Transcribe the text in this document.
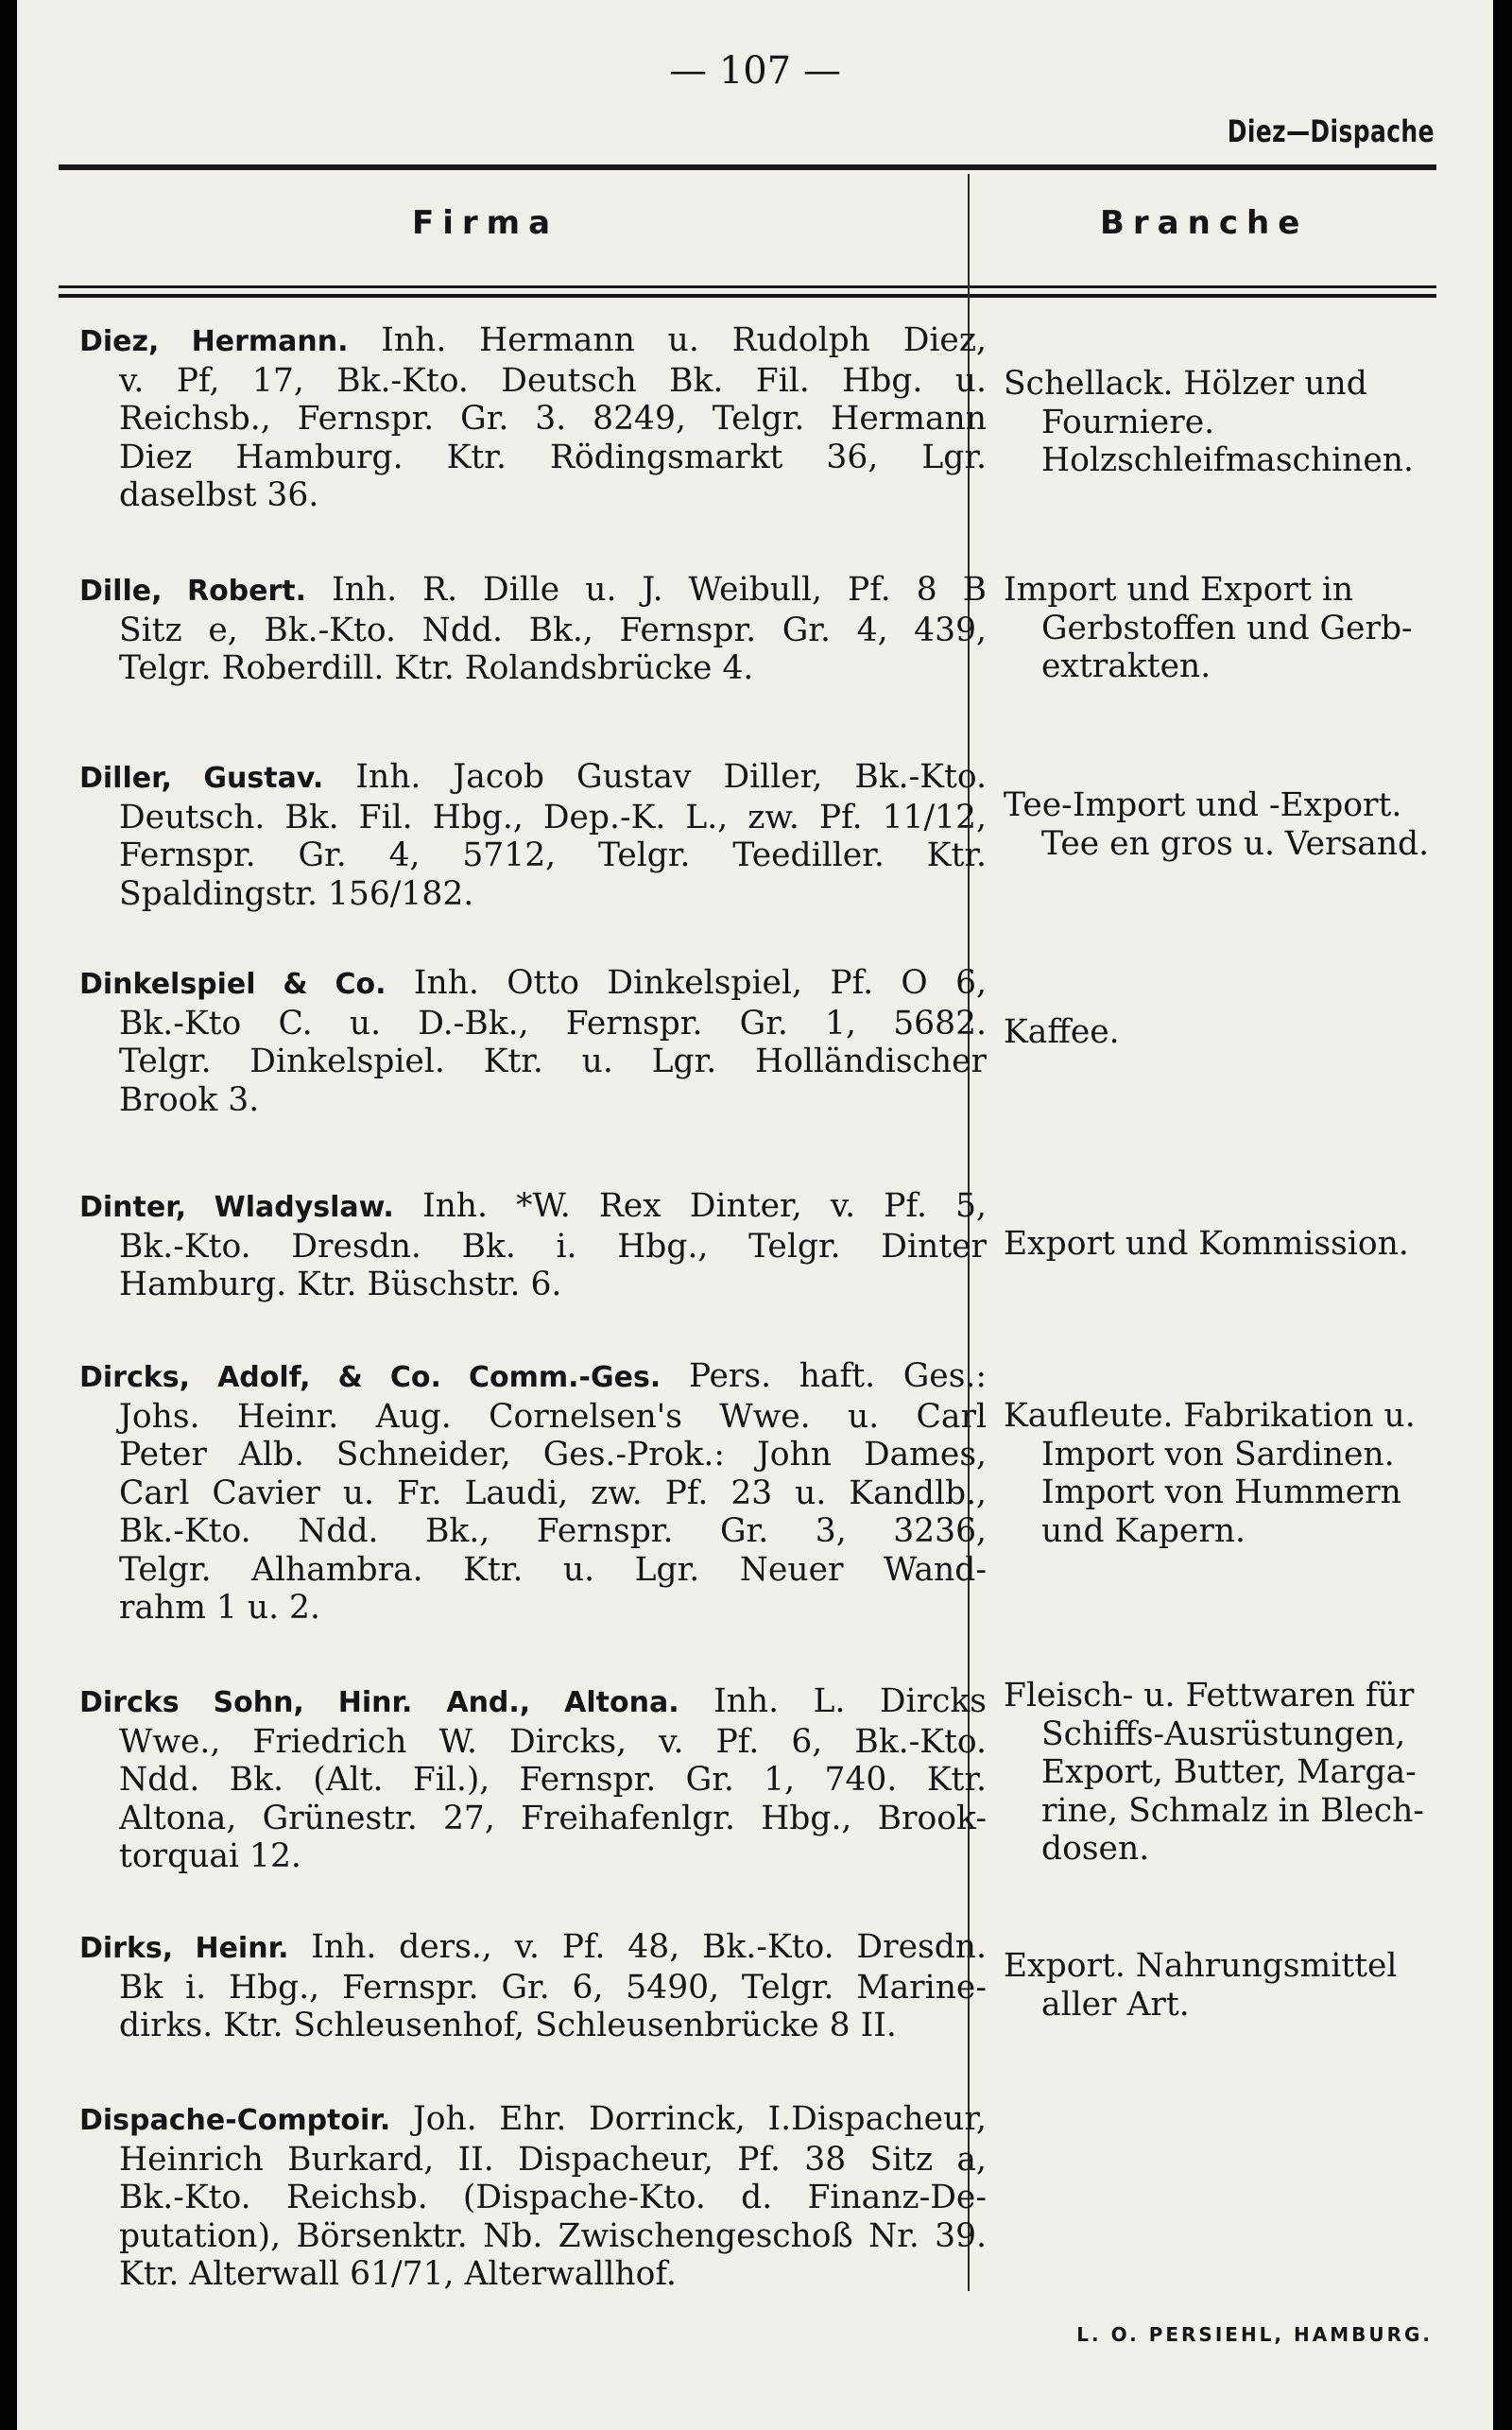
— 107 —
Diez—Dispache
Firma	Branche
Diez, Hermann. Inh. Hermann u. Rudolph Diez,
v. Pf, 17, Bk.-Kto. Deutsch Bk. Fil. Hbg. u.
Reichsb., Fernspr. Gr. 3. 8249, Telgr. Hermann
Diez Hamburg. Ktr. Rödingsmarkt 36, Lgr.
daselbst 36.
Schellack. Hölzer und
Fourniere.
Holzschleifmaschinen.
Dille, Robert. Inh. R. Dille u. J. Weibull, Pf. 8 B
Sitz e, Bk.-Kto. Ndd. Bk., Fernspr. Gr. 4, 439,
Telgr. Roberdill. Ktr. Rolandsbrücke 4.
Import und Export in
Gerbstoffen und Gerb-
extrakten.
Diller, Gustav. Inh. Jacob Gustav Diller, Bk.-Kto.
Deutsch. Bk. Fil. Hbg., Dep.-K. L., zw. Pf. 11/12,
Fernspr. Gr. 4, 5712, Telgr. Teediller. Ktr.
Spaldingstr. 156/182.
Tee-Import und -Export.
Tee en gros u. Versand.
Dinkelspiel & Co. Inh. Otto Dinkelspiel, Pf. O 6,
Bk.-Kto C. u. D.-Bk., Fernspr. Gr. 1, 5682.
Telgr. Dinkelspiel. Ktr. u. Lgr. Holländischer
Brook 3.
Kaffee.
Dinter, Wladyslaw. Inh. *W. Rex Dinter, v. Pf. 5,
Bk.-Kto. Dresdn. Bk. i. Hbg., Telgr. Dinter
Hamburg. Ktr. Büschstr. 6.
Export und Kommission.
Dircks, Adolf, & Co. Comm.-Ges. Pers. haft. Ges.:
Johs. Heinr. Aug. Cornelsen's Wwe. u. Carl
Peter Alb. Schneider, Ges.-Prok.: John Dames,
Carl Cavier u. Fr. Laudi, zw. Pf. 23 u. Kandlb.,
Bk.-Kto. Ndd. Bk., Fernspr. Gr. 3, 3236,
Telgr. Alhambra. Ktr. u. Lgr. Neuer Wand-
rahm 1 u. 2.
Kaufleute. Fabrikation u.
Import von Sardinen.
Import von Hummern
und Kapern.
Dircks Sohn, Hinr. And., Altona. Inh. L. Dircks
Wwe., Friedrich W. Dircks, v. Pf. 6, Bk.-Kto.
Ndd. Bk. (Alt. Fil.), Fernspr. Gr. 1, 740. Ktr.
Altona, Grünestr. 27, Freihafenlgr. Hbg., Brook-
torquai 12.
Fleisch- u. Fettwaren für
Schiffs-Ausrüstungen,
Export, Butter, Marga-
rine, Schmalz in Blech-
dosen.
Dirks, Heinr. Inh. ders., v. Pf. 48, Bk.-Kto. Dresdn.
Bk i. Hbg., Fernspr. Gr. 6, 5490, Telgr. Marine-
dirks. Ktr. Schleusenhof, Schleusenbrücke 8 II.
Export. Nahrungsmittel
aller Art.
Dispache-Comptoir. Joh. Ehr. Dorrinck, I.Dispacheur,
Heinrich Burkard, II. Dispacheur, Pf. 38 Sitz a,
Bk.-Kto. Reichsb. (Dispache-Kto. d. Finanz-De-
putation), Börsenktr. Nb. Zwischengeschoß Nr. 39.
Ktr. Alterwall 61/71, Alterwallhof.
L. O. PERSIEHL, HAMBURG.
